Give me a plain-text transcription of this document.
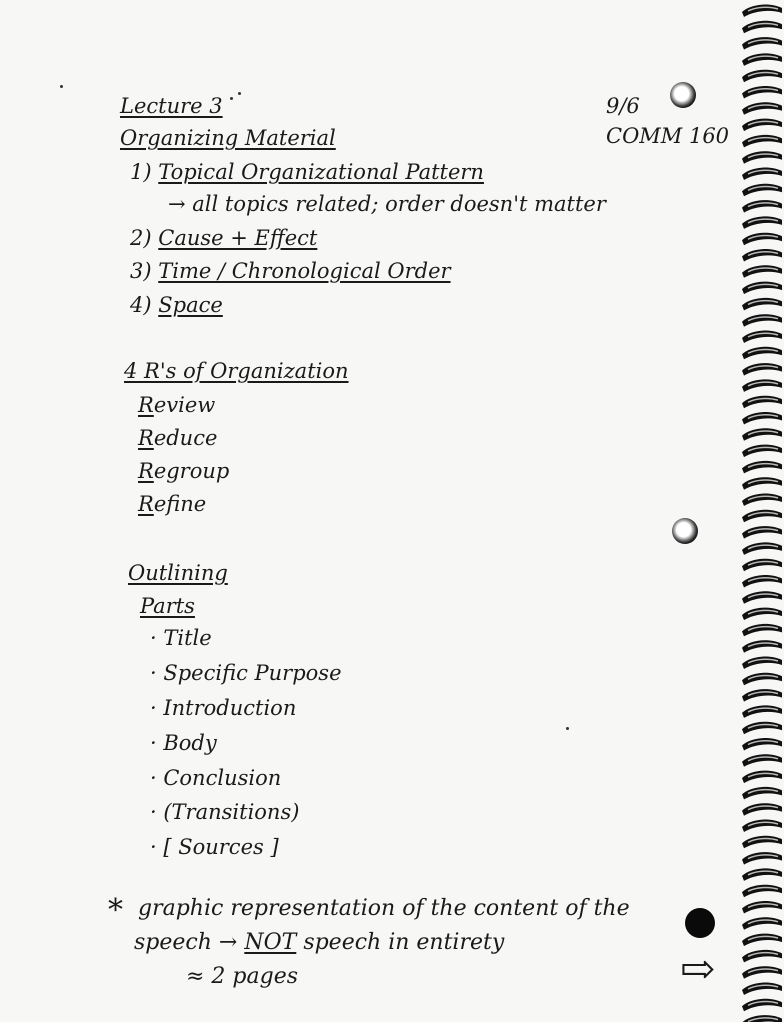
Lecture 3	9/6
COMM 160
Organizing Material
1) Topical Organizational Pattern
→ all topics related; order doesn't matter
2) Cause + Effect
3) Time / Chronological Order
4) Space
4 R's of Organization
Review
Reduce
Regroup
Refine
Outlining
Parts
· Title
· Specific Purpose
· Introduction
· Body
· Conclusion
· (Transitions)
· [ Sources ]
* graphic representation of the content of the
speech → NOT speech in entirety
≈ 2 pages	⇨
